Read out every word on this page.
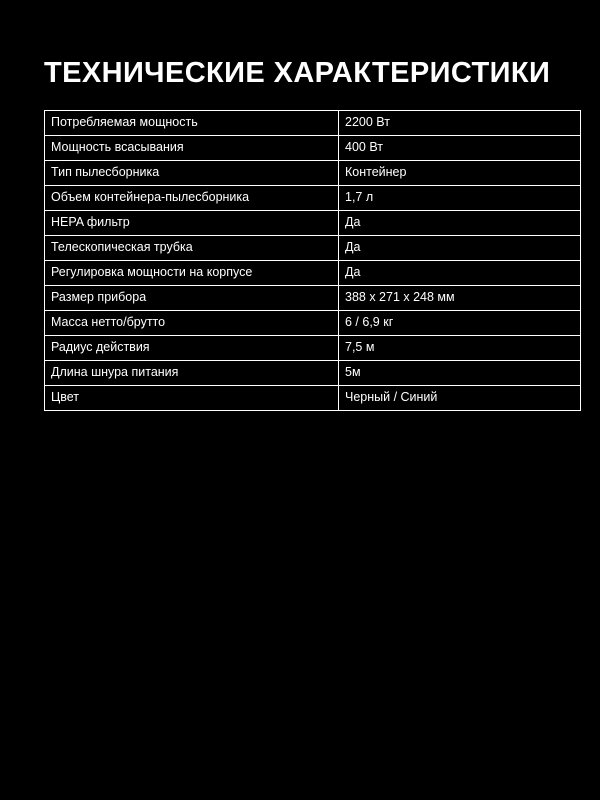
ТЕХНИЧЕСКИЕ ХАРАКТЕРИСТИКИ
Потребляемая мощность	2200 Вт
Мощность всасывания	400 Вт
Тип пылесборника	Контейнер
Объем контейнера-пылесборника	1,7 л
HEPA фильтр	Да
Телескопическая трубка	Да
Регулировка мощности на корпусе	Да
Размер прибора	388 x 271 x 248 мм
Масса нетто/брутто	6 / 6,9 кг
Радиус действия	7,5 м
Длина шнура питания	5м
Цвет	Черный / Синий
